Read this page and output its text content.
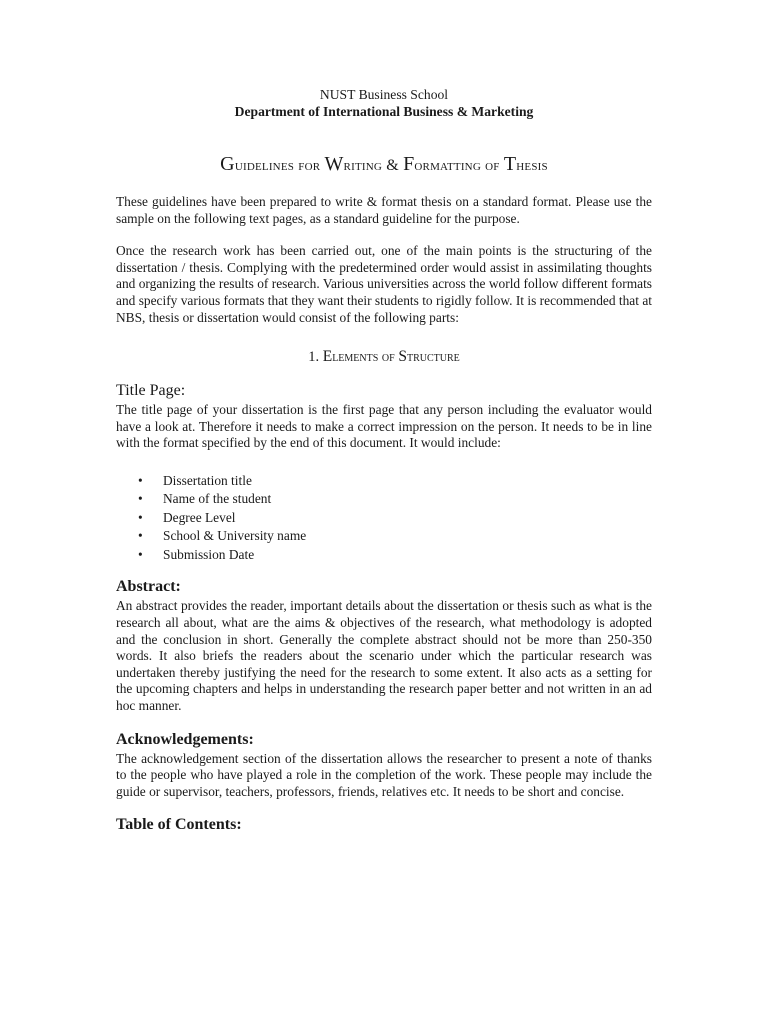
NUST Business School
Department of International Business & Marketing
Guidelines for Writing & Formatting of Thesis

These guidelines have been prepared to write & format thesis on a standard format. Please use the sample on the following text pages, as a standard guideline for the purpose.

Once the research work has been carried out, one of the main points is the structuring of the dissertation / thesis. Complying with the predetermined order would assist in assimilating thoughts and organizing the results of research. Various universities across the world follow different formats and specify various formats that they want their students to rigidly follow. It is recommended that at NBS, thesis or dissertation would consist of the following parts:

1. Elements of Structure
Title Page:

The title page of your dissertation is the first page that any person including the evaluator would have a look at. Therefore it needs to make a correct impression on the person. It needs to be in line with the format specified by the end of this document. It would include:

• Dissertation title
• Name of the student
• Degree Level
• School & University name
• Submission Date
Abstract:

An abstract provides the reader, important details about the dissertation or thesis such as what is the research all about, what are the aims & objectives of the research, what methodology is adopted and the conclusion in short. Generally the complete abstract should not be more than 250-350 words. It also briefs the readers about the scenario under which the particular research was undertaken thereby justifying the need for the research to some extent. It also acts as a setting for the upcoming chapters and helps in understanding the research paper better and not written in an ad hoc manner.

Acknowledgements:

The acknowledgement section of the dissertation allows the researcher to present a note of thanks to the people who have played a role in the completion of the work. These people may include the guide or supervisor, teachers, professors, friends, relatives etc. It needs to be short and concise.

Table of Contents:
